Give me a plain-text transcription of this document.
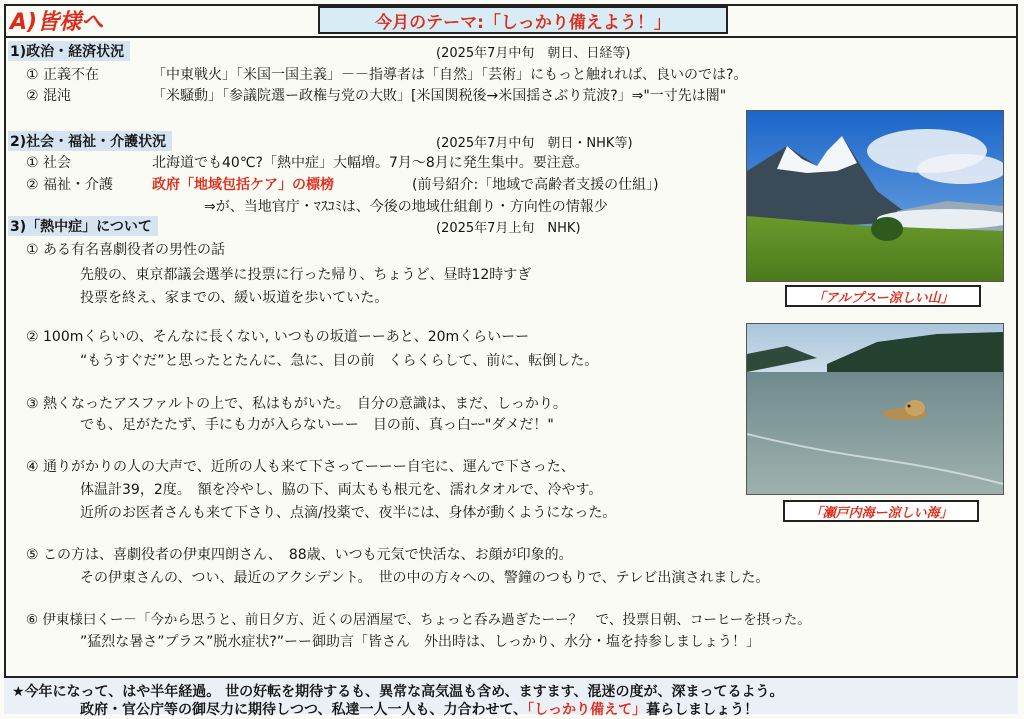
A)皆様へ	今月のテーマ:「しっかり備えよう！」
1)政治・経済状況	(2025年7月中旬　朝日、日経等)
① 正義不在	「中東戦火」「米国一国主義」－－指導者は「自然」「芸術」にもっと触れれば、良いのでは?。
② 混沌	「米騒動」「参議院選ー政権与党の大敗」[米国関税後→米国揺さぶり荒波?」⇒"一寸先は闇"
2)社会・福祉・介護状況	(2025年7月中旬　朝日・NHK等)
① 社会	北海道でも40℃?「熱中症」大幅増。7月～8月に発生集中。要注意。
② 福祉・介護	政府「地域包括ケア」の標榜	(前号紹介:「地域で高齢者支援の仕組」)
⇒が、当地官庁・ﾏｽｺﾐは、今後の地域仕組創り・方向性の情報少
3)「熱中症」について	(2025年7月上旬　NHK)
① ある有名喜劇役者の男性の話
先般の、東京都議会選挙に投票に行った帰り、ちょうど、昼時12時すぎ
投票を終え、家までの、緩い坂道を歩いていた。
② 100mくらいの、そんなに長くない, いつもの坂道ーーあと、20mくらいーー
“もうすぐだ”と思ったとたんに、急に、目の前　くらくらして、前に、転倒した。
③ 熱くなったアスファルトの上で、私はもがいた。　自分の意識は、まだ、しっかり。
でも、足がたたず、手にも力が入らないーー　目の前、真っ白ｰｰ"ダメだ！"
④ 通りがかりの人の大声で、近所の人も来て下さってーーー自宅に、運んで下さった、
体温計39，2度。　額を冷やし、脇の下、両太もも根元を、濡れタオルで、冷やす。
近所のお医者さんも来て下さり、点滴/投薬で、夜半には、身体が動くようになった。
⑤ この方は、喜劇役者の伊東四朗さん、　88歳、いつも元気で快活な、お顔が印象的。
その伊東さんの、つい、最近のアクシデント。　世の中の方々への、警鐘のつもりで、テレビ出演されました。
⑥ 伊東様曰くー－「今から思うと、前日夕方、近くの居酒屋で、ちょっと呑み過ぎたーー？　で、投票日朝、コーヒーを摂った。
”猛烈な暑さ”プラス”脱水症状?”ーー御助言「皆さん　外出時は、しっかり、水分・塩を持参しましょう！」
「アルプスー涼しい山」
「瀬戸内海ー涼しい海」
★今年になって、はや半年経過。 世の好転を期待するも、異常な高気温も含め、ますます、混迷の度が、深まってるよう。
政府・官公庁等の御尽力に期待しつつ、私達一人一人も、力合わせて、「しっかり備えて」暮らしましょう！
